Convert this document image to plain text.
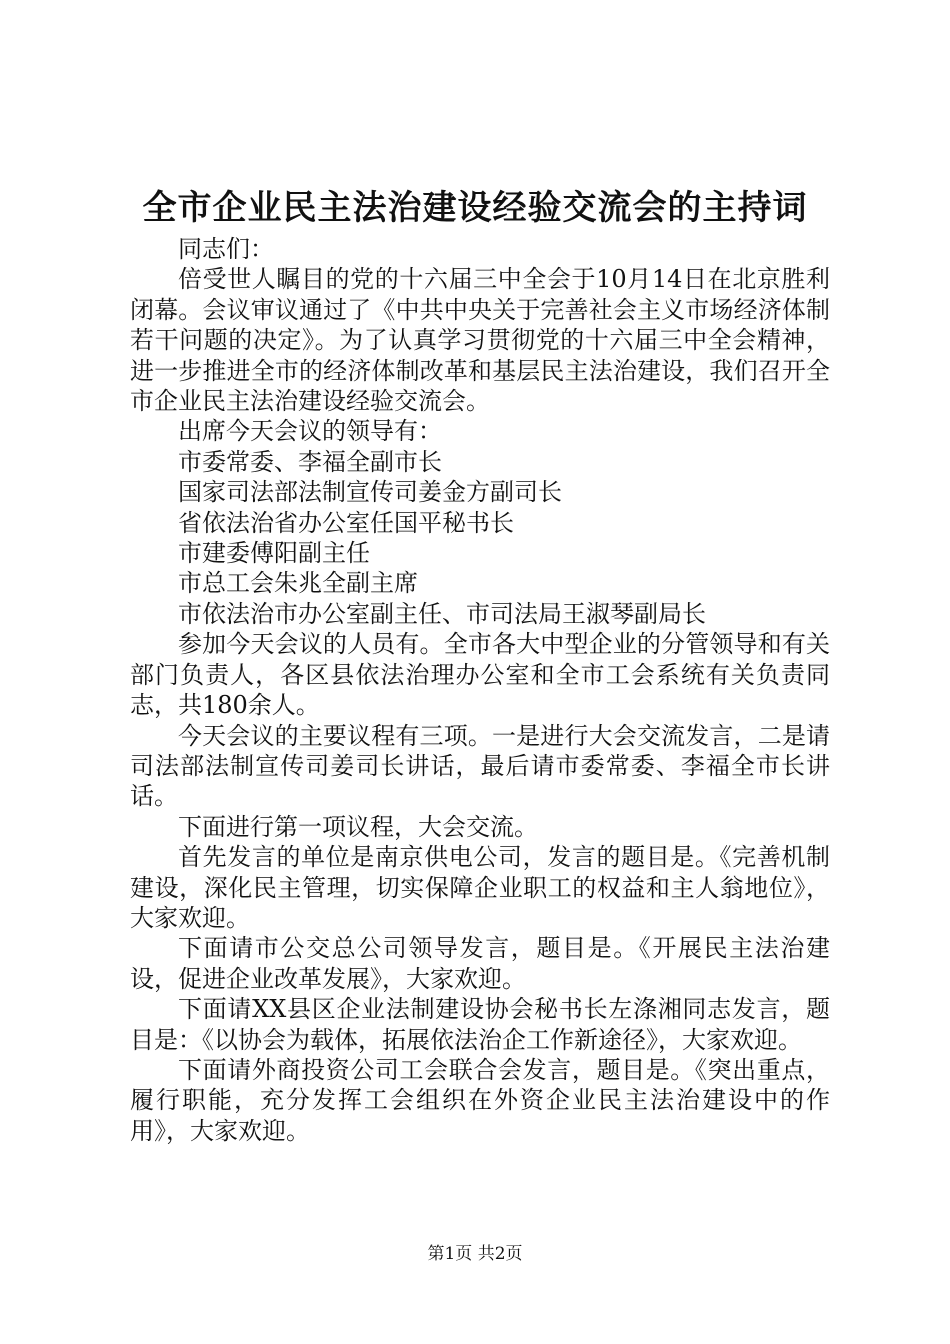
全市企业民主法治建设经验交流会的主持词

同志们：

倍受世人瞩目的党的十六届三中全会于10月14日在北京胜利闭幕。会议审议通过了《中共中央关于完善社会主义市场经济体制若干问题的决定》。为了认真学习贯彻党的十六届三中全会精神，进一步推进全市的经济体制改革和基层民主法治建设，我们召开全市企业民主法治建设经验交流会。

出席今天会议的领导有：

市委常委、李福全副市长
国家司法部法制宣传司姜金方副司长
省依法治省办公室任国平秘书长
市建委傅阳副主任
市总工会朱兆全副主席
市依法治市办公室副主任、市司法局王淑琴副局长

参加今天会议的人员有。全市各大中型企业的分管领导和有关部门负责人，各区县依法治理办公室和全市工会系统有关负责同志，共180余人。

今天会议的主要议程有三项。一是进行大会交流发言，二是请司法部法制宣传司姜司长讲话，最后请市委常委、李福全市长讲话。

下面进行第一项议程，大会交流。

首先发言的单位是南京供电公司，发言的题目是。《完善机制建设，深化民主管理，切实保障企业职工的权益和主人翁地位》，大家欢迎。

下面请市公交总公司领导发言，题目是。《开展民主法治建设，促进企业改革发展》，大家欢迎。

下面请XX县区企业法制建设协会秘书长左涤湘同志发言，题目是：《以协会为载体，拓展依法治企工作新途径》，大家欢迎。

下面请外商投资公司工会联合会发言，题目是。《突出重点，履行职能，充分发挥工会组织在外资企业民主法治建设中的作用》，大家欢迎。

第1页 共2页
